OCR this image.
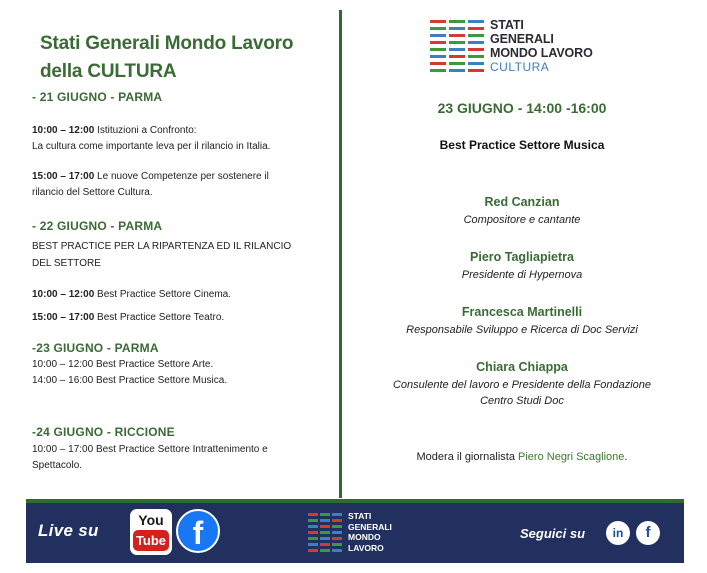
Stati Generali Mondo Lavoro
della CULTURA
- 21 GIUGNO - PARMA
10:00 – 12:00 Istituzioni a Confronto:
La cultura come importante leva per il rilancio in Italia.
15:00 – 17:00 Le nuove Competenze per sostenere il
rilancio del Settore Cultura.
- 22 GIUGNO - PARMA
BEST PRACTICE PER LA RIPARTENZA ED IL RILANCIO
DEL SETTORE
10:00 – 12:00 Best Practice Settore Cinema.
15:00 – 17:00 Best Practice Settore Teatro.
-23 GIUGNO - PARMA
10:00 – 12:00 Best Practice Settore Arte.
14:00 – 16:00 Best Practice Settore Musica.
-24 GIUGNO - RICCIONE
10:00 – 17:00 Best Practice Settore Intrattenimento e
Spettacolo.
STATI
GENERALI
MONDO LAVORO
CULTURA
23 GIUGNO - 14:00 -16:00
Best Practice Settore Musica
Red Canzian
Compositore e cantante
Piero Tagliapietra
Presidente di Hypernova
Francesca Martinelli
Responsabile Sviluppo e Ricerca di Doc Servizi
Chiara Chiappa
Consulente del lavoro e Presidente della Fondazione
Centro Studi Doc
Modera il giornalista Piero Negri Scaglione.
Live su
You
Tube f	STATI
GENERALI
MONDO
LAVORO
Seguici su	in	f
